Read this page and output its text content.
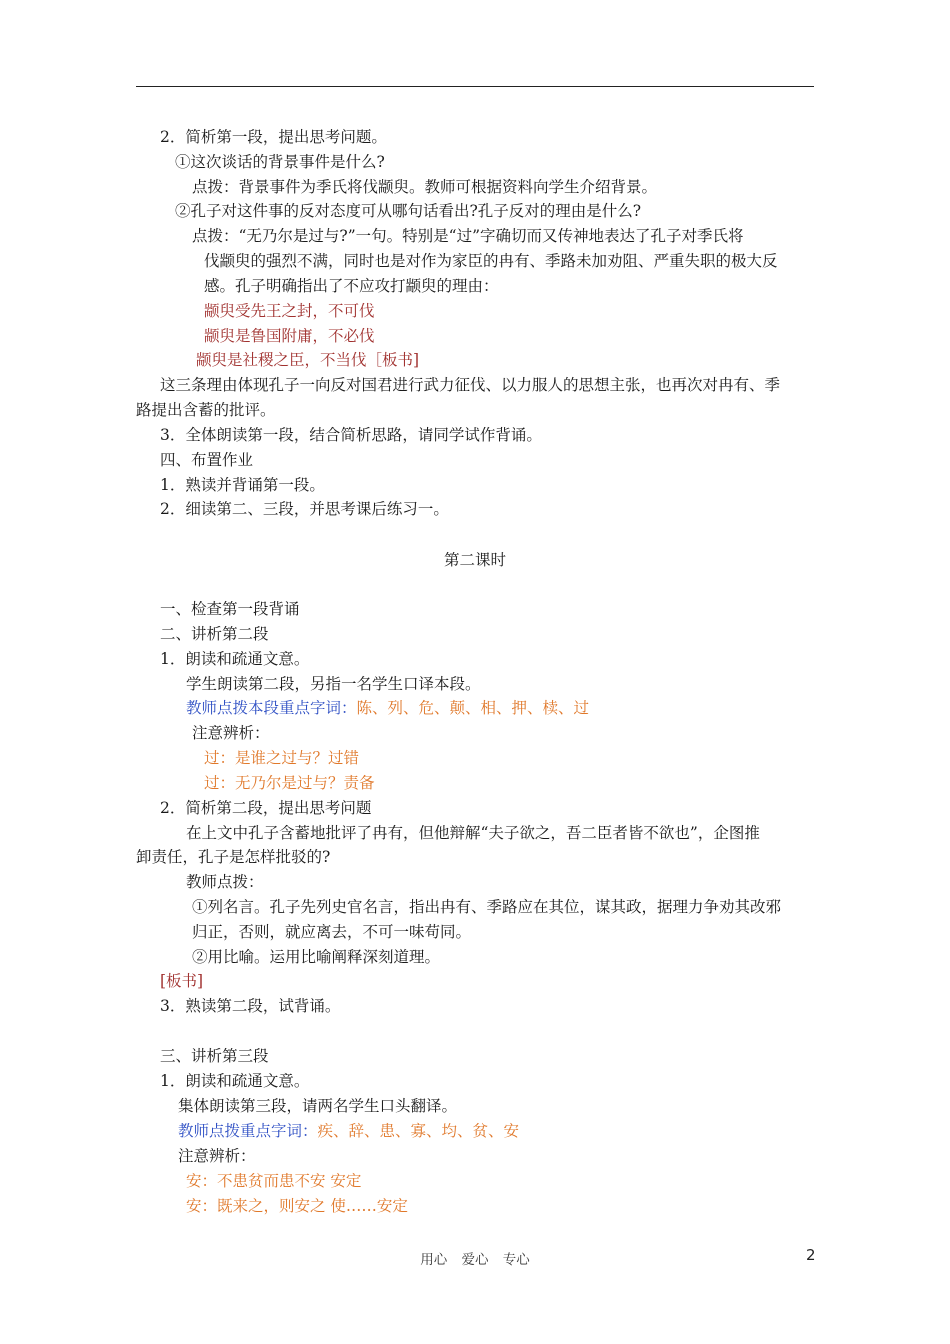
2．简析第一段，提出思考问题。
①这次谈话的背景事件是什么?
点拨：背景事件为季氏将伐颛臾。教师可根据资料向学生介绍背景。
②孔子对这件事的反对态度可从哪句话看出?孔子反对的理由是什么?
点拨：“无乃尔是过与?”一句。特别是“过”字确切而又传神地表达了孔子对季氏将
伐颛臾的强烈不满，同时也是对作为家臣的冉有、季路未加劝阻、严重失职的极大反
感。孔子明确指出了不应攻打颛臾的理由：
颛臾受先王之封，不可伐
颛臾是鲁国附庸，不必伐
颛臾是社稷之臣，不当伐［板书]
这三条理由体现孔子一向反对国君进行武力征伐、以力服人的思想主张，也再次对冉有、季
路提出含蓄的批评。
3．全体朗读第一段，结合简析思路，请同学试作背诵。
四、布置作业
1．熟读并背诵第一段。
2．细读第二、三段，并思考课后练习一。
第二课时
一、检查第一段背诵
二、讲析第二段
1．朗读和疏通文意。
学生朗读第二段，另指一名学生口译本段。
教师点拨本段重点字词：陈、列、危、颠、相、押、椟、过
注意辨析：
过：是谁之过与？过错
过：无乃尔是过与？责备
2．简析第二段，提出思考问题
在上文中孔子含蓄地批评了冉有，但他辩解“夫子欲之，吾二臣者皆不欲也”，企图推
卸责任，孔子是怎样批驳的?
教师点拨：
①列名言。孔子先列史官名言，指出冉有、季路应在其位，谋其政，据理力争劝其改邪
归正，否则，就应离去，不可一味苟同。
②用比喻。运用比喻阐释深刻道理。
[板书]
3．熟读第二段，试背诵。
三、讲析第三段
1．朗读和疏通文意。
集体朗读第三段，请两名学生口头翻译。
教师点拨重点字词：疾、辞、患、寡、均、贫、安
注意辨析：
安：不患贫而患不安 安定
安：既来之，则安之 使……安定
用心 爱心 专心	2
